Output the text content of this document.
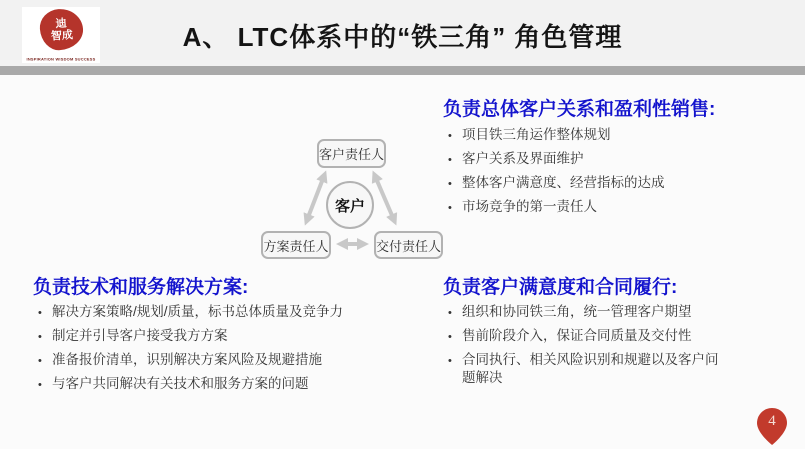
迪
智成
INSPIRATION WISDOM SUCCESS
A、 LTC体系中的“铁三角” 角色管理
客户责任人
客户
方案责任人	交付责任人
负责总体客户关系和盈利性销售:
• 项目铁三角运作整体规划
• 客户关系及界面维护
• 整体客户满意度、经营指标的达成
• 市场竞争的第一责任人
负责技术和服务解决方案:
• 解决方案策略/规划/质量，标书总体质量及竞争力
• 制定并引导客户接受我方方案
• 准备报价清单，识别解决方案风险及规避措施
• 与客户共同解决有关技术和服务方案的问题
负责客户满意度和合同履行:
• 组织和协同铁三角，统一管理客户期望
• 售前阶段介入，保证合同质量及交付性
• 合同执行、相关风险识别和规避以及客户问题解决
4
